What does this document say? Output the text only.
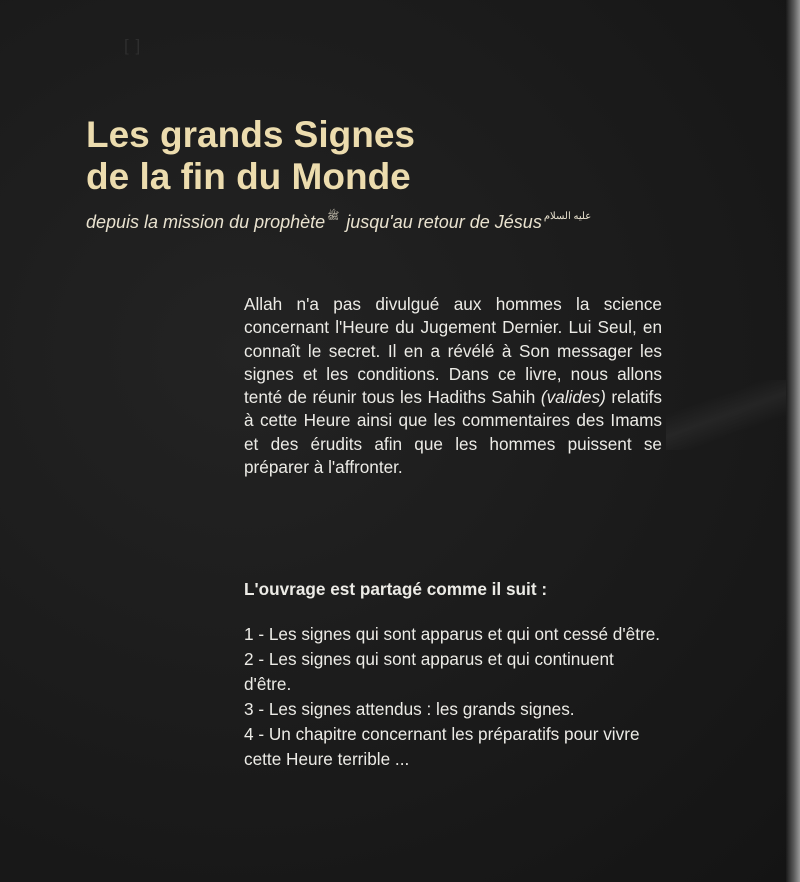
[ ]
Les grands Signes
de la fin du Monde
depuis la mission du prophète ﷺ jusqu'au retour de Jésus عليه السلام
Allah n'a pas divulgué aux hommes la science concernant l'Heure du Jugement Dernier. Lui Seul, en connaît le secret. Il en a révélé à Son messager les signes et les conditions. Dans ce livre, nous allons tenté de réunir tous les Hadiths Sahih (valides) relatifs à cette Heure ainsi que les commentaires des Imams et des érudits afin que les hommes puissent se préparer à l'affronter.
L'ouvrage est partagé comme il suit :
1 - Les signes qui sont apparus et qui ont cessé d'être.
2 - Les signes qui sont apparus et qui continuent d'être.
3 - Les signes attendus : les grands signes.
4 - Un chapitre concernant les préparatifs pour vivre cette Heure terrible ...
